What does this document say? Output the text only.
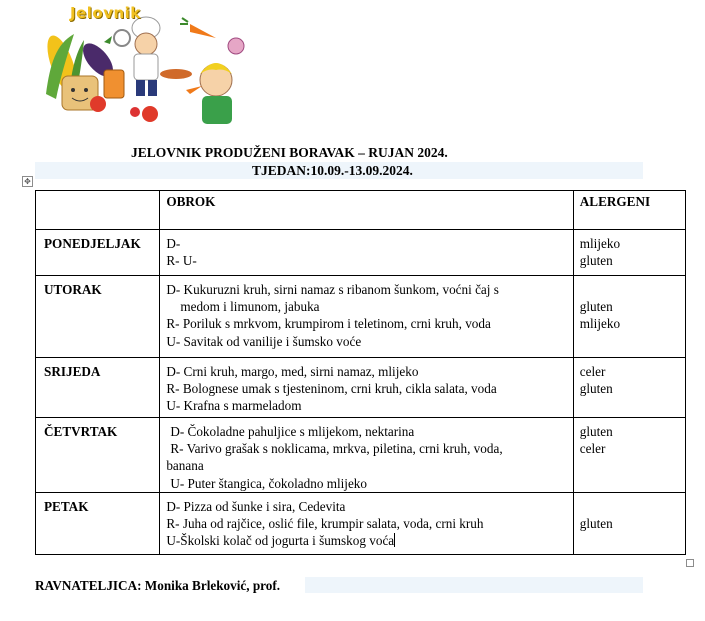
Jelovnik
JELOVNIK PRODUŽENI BORAVAK – RUJAN 2024.
TJEDAN:10.09.-13.09.2024.
✥
	OBROK	ALERGENI
PONEDJELJAK	D-
R- U-	mlijeko
gluten

UTORAK	D- Kukuruzni kruh, sirni namaz s ribanom šunkom, voćni čaj s
medom i limunom, jabuka
R- Poriluk s mrkvom, krumpirom i teletinom, crni kruh, voda
U- Savitak od vanilije i šumsko voće	gluten
mlijeko

SRIJEDA	D- Crni kruh, margo, med, sirni namaz, mlijeko
R- Bolognese umak s tjesteninom, crni kruh, cikla salata, voda
U- Krafna s marmeladom	celer
gluten

ČETVRTAK	D- Čokoladne pahuljice s mlijekom, nektarina
R- Varivo grašak s noklicama, mrkva, piletina, crni kruh, voda,
banana
U- Puter štangica, čokoladno mlijeko	gluten
celer

PETAK	D- Pizza od šunke i sira, Cedevita
R- Juha od rajčice, oslić file, krumpir salata, voda, crni kruh
U-Školski kolač od jogurta i šumskog voća	gluten
RAVNATELJICA: Monika Brleković, prof.
